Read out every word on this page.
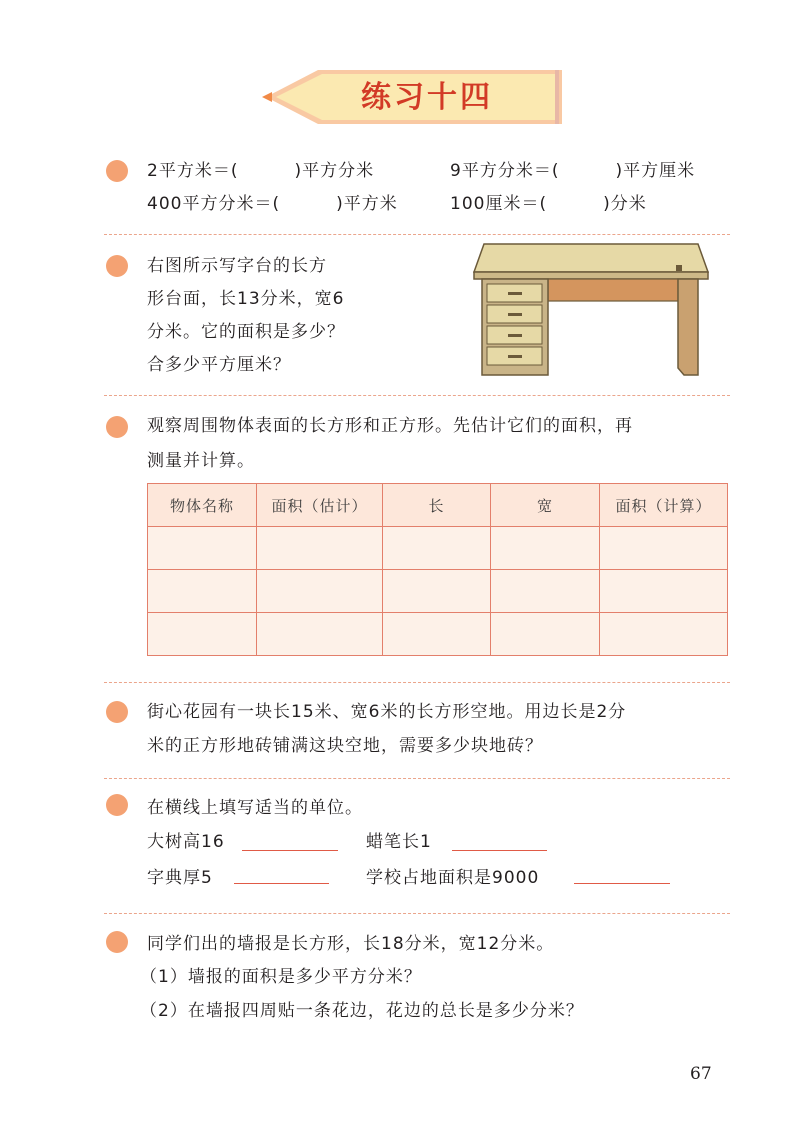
练习十四
2平方米＝(	)平方分米	9平方分米＝(	)平方厘米
400平方分米＝(	)平方米	100厘米＝(	)分米
右图所示写字台的长方
形台面，长13分米，宽6
分米。它的面积是多少？
合多少平方厘米？
观察周围物体表面的长方形和正方形。先估计它们的面积，再
测量并计算。
物体名称	面积（估计）	长	宽	面积（计算）

街心花园有一块长15米、宽6米的长方形空地。用边长是2分
米的正方形地砖铺满这块空地，需要多少块地砖？
在横线上填写适当的单位。
大树高16	蜡笔长1
字典厚5	学校占地面积是9000
同学们出的墙报是长方形，长18分米，宽12分米。
（1）墙报的面积是多少平方分米？
（2）在墙报四周贴一条花边，花边的总长是多少分米？
67
